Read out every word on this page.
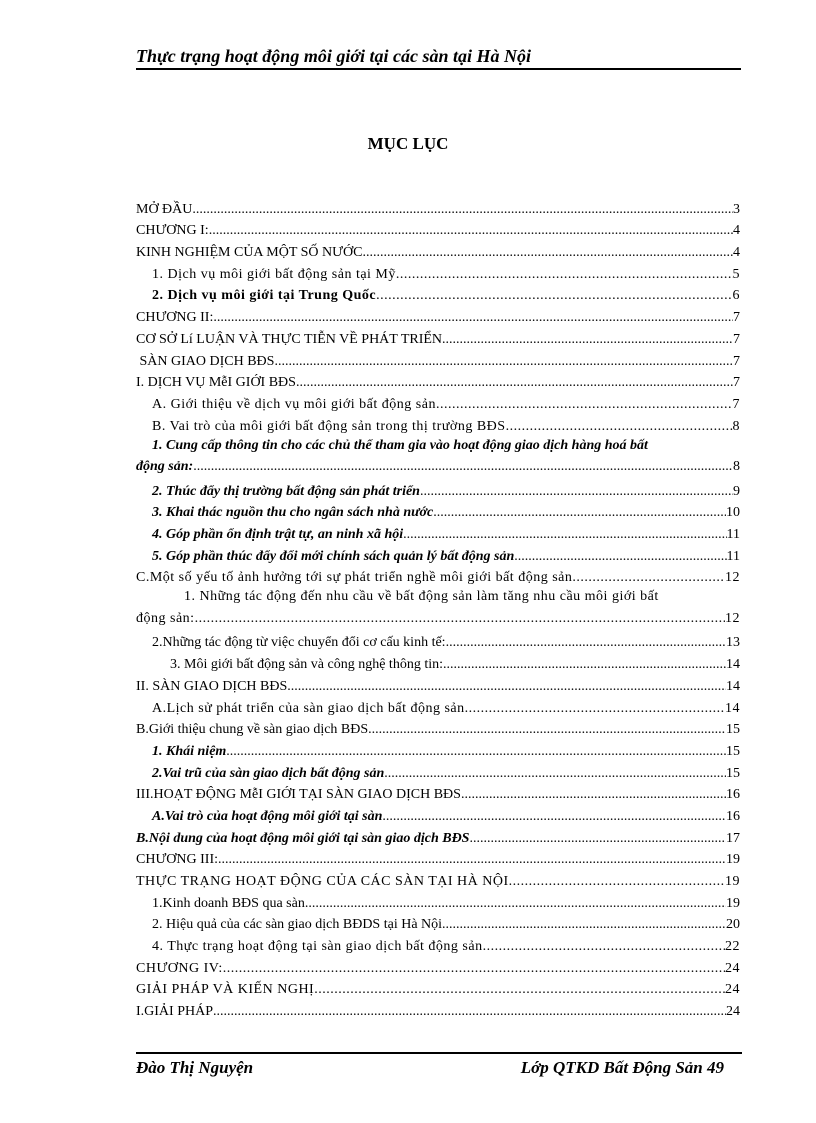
Thực trạng hoạt động môi giới tại các sàn tại Hà Nội
MỤC LỤC
MỞ ĐẦU .....	3
CHƯƠNG I: .....	4
KINH NGHIỆM CỦA MỘT SỐ NƯỚC .....	4
1. Dịch vụ môi giới bất động sản tại Mỹ .....	5
2. Dịch vụ môi giới tại Trung Quốc .....	6
CHƯƠNG II: .....	7
CƠ SỞ Lí LUẬN VÀ THỰC TIỄN VỀ PHÁT TRIỂN .....	7
SÀN GIAO DỊCH BĐS .....	7
I. DỊCH VỤ MễI GIỚI BĐS .....	7
A. Giới thiệu về dịch vụ môi giới bất động sản .....	7
B. Vai trò của môi giới bất động sản trong thị trường BĐS .....	8
1. Cung cấp thông tin cho các chủ thể tham gia vào hoạt động giao dịch hàng hoá bất
động sản: .....	8
2. Thúc đẩy thị trường bất động sản phát triển .....	9
3. Khai thác nguồn thu cho ngân sách nhà nước .....	10
4. Góp phần ổn định trật tự, an ninh xã hội .....	11
5. Góp phần thúc đẩy đổi mới chính sách quản lý bất động sản .....	11
C.Một số yếu tố ảnh hưởng tới sự phát triển nghề môi giới bất động sản .....	12
1. Những tác động đến nhu cầu về bất động sản làm tăng nhu cầu môi giới bất
động sản: .....	12
2.Những tác động từ việc chuyển đổi cơ cấu kinh tế: .....	13
3. Môi giới bất động sản và công nghệ thông tin: .....	14
II. SÀN GIAO DỊCH BĐS .....	14
A.Lịch sử phát triển của sàn giao dịch bất động sản .....	14
B.Giới thiệu chung về sàn giao dịch BĐS .....	15
1. Khái niệm .....	15
2.Vai trũ của sàn giao dịch bất động sản .....	15
III.HOẠT ĐỘNG MễI GIỚI TẠI SÀN GIAO DỊCH BĐS .....	16
A.Vai trò của hoạt động môi giới tại sàn .....	16
B.Nội dung của hoạt động môi giới tại sàn giao dịch BĐS .....	17
CHƯƠNG III: .....	19
THỰC TRẠNG HOẠT ĐỘNG CỦA CÁC SÀN TẠI HÀ NỘI .....	19
1.Kinh doanh BĐS qua sàn .....	19
2. Hiệu quả của các sàn giao dịch BĐDS tại Hà Nội .....	20
4. Thực trạng hoạt động tại sàn giao dịch bất động sản .....	22
CHƯƠNG IV: .....	24
GIẢI PHÁP VÀ KIẾN NGHỊ .....	24
I.GIẢI PHÁP .....	24
Đào Thị Nguyện	Lớp QTKD Bất Động Sản 49
